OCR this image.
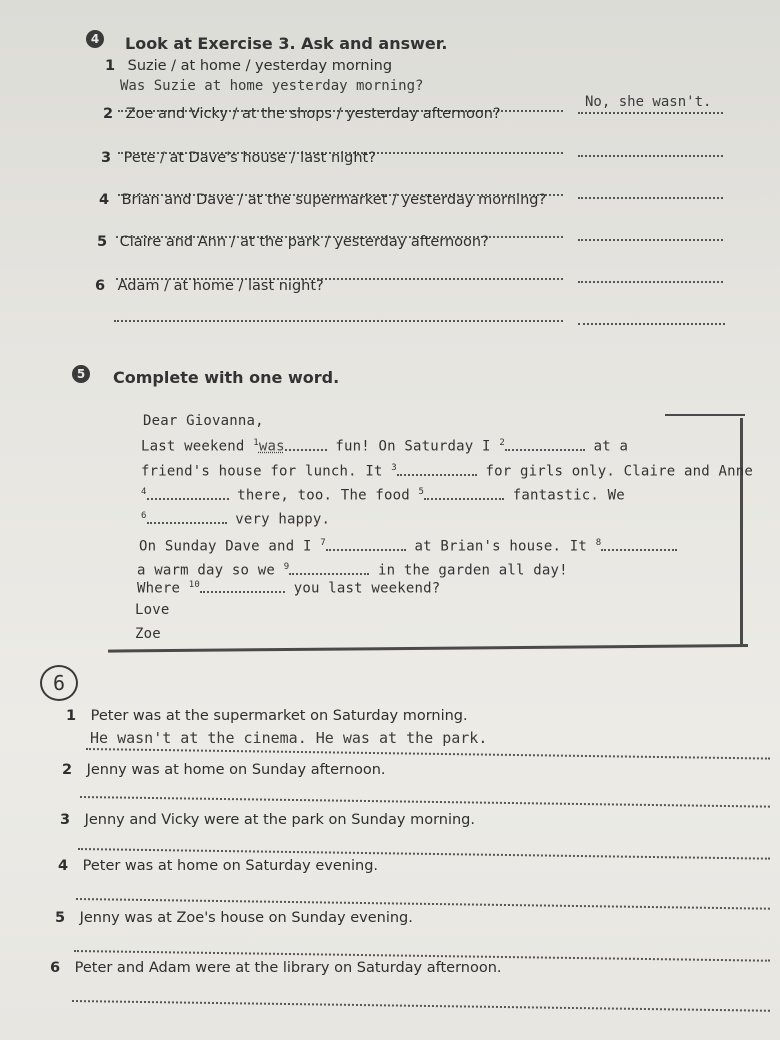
4	Look at Exercise 3. Ask and answer.
1 Suzie / at home / yesterday morning
Was Suzie at home yesterday morning?
No, she wasn't.
2 Zoe and Vicky / at the shops / yesterday afternoon?
3 Pete / at Dave's house / last night?
4 Brian and Dave / at the supermarket / yesterday morning?
5 Claire and Ann / at the park / yesterday afternoon?
6 Adam / at home / last night?
5	Complete with one word.
Dear Giovanna,
Last weekend $^1$was	fun! On Saturday I $^2$	at a
friend's house for lunch. It $^3$	for girls only. Claire and Anne
$^4$	there, too. The food $^5$	fantastic. We
$^6$	very happy.
On Sunday Dave and I $^7$	at Brian's house. It $^8$
a warm day so we $^9$	in the garden all day!
Where $^{10}$	you last weekend?
Love
Zoe
6
1 Peter was at the supermarket on Saturday morning.
He wasn't at the cinema. He was at the park.
2 Jenny was at home on Sunday afternoon.
3 Jenny and Vicky were at the park on Sunday morning.
4 Peter was at home on Saturday evening.
5 Jenny was at Zoe's house on Sunday evening.
6 Peter and Adam were at the library on Saturday afternoon.
